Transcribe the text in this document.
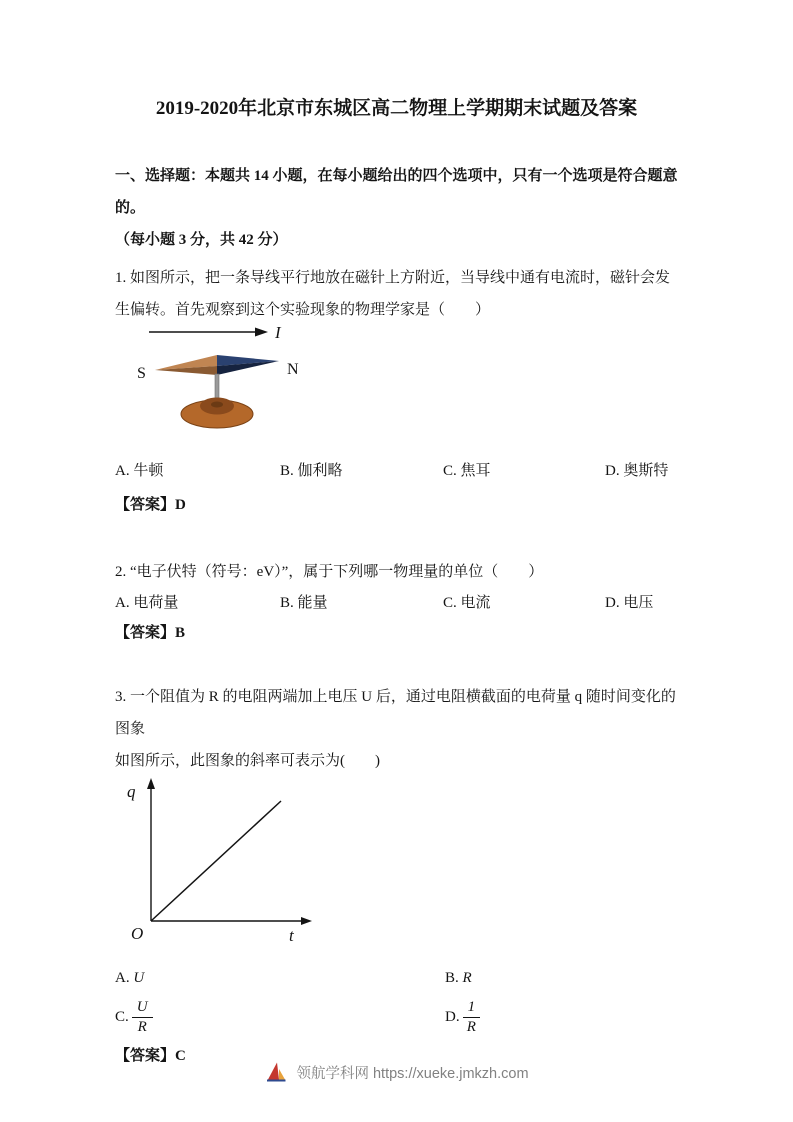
2019-2020年北京市东城区高二物理上学期期末试题及答案
一、选择题：本题共 14 小题，在每小题给出的四个选项中，只有一个选项是符合题意的。
（每小题 3 分，共 42 分）
1. 如图所示，把一条导线平行地放在磁针上方附近，当导线中通有电流时，磁针会发
生偏转。首先观察到这个实验现象的物理学家是（　　）
I
S	N
A. 牛顿	B. 伽利略	C. 焦耳	D. 奥斯特
【答案】D
2. “电子伏特（符号：eV）”，属于下列哪一物理量的单位（　　）
A. 电荷量	B. 能量	C. 电流	D. 电压
【答案】B
3. 一个阻值为 R 的电阻两端加上电压 U 后，通过电阻横截面的电荷量 q 随时间变化的图象
如图所示，此图象的斜率可表示为(　　)
q
t
O
A. U	B. R
C. $\frac{U}{R}$	D. $\frac{1}{R}$
【答案】C
领航学科网 https://xueke.jmkzh.com
